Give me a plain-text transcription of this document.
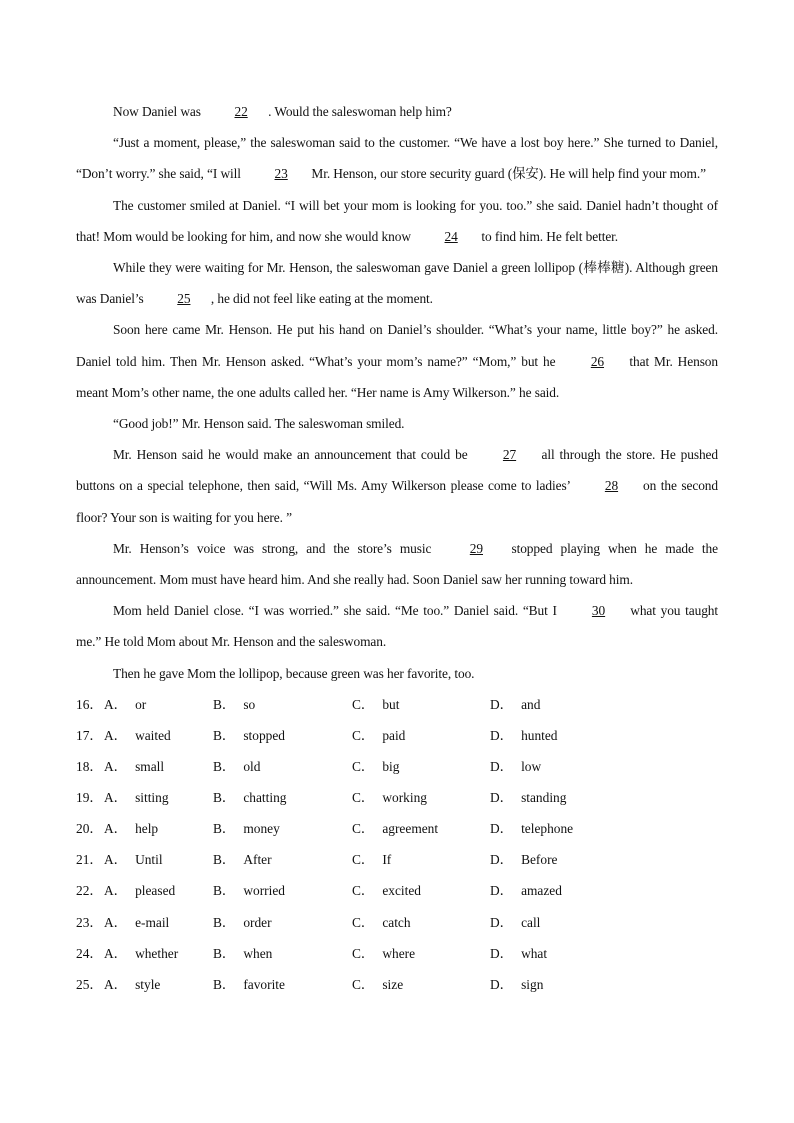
Now Daniel was 22 . Would the saleswoman help him?

“Just a moment, please,” the saleswoman said to the customer. “We have a lost boy here.” She turned to Daniel, “Don’t worry.” she said, “I will 23 Mr. Henson, our store security guard (保安). He will help find your mom.”

The customer smiled at Daniel. “I will bet your mom is looking for you. too.” she said. Daniel hadn’t thought of that! Mom would be looking for him, and now she would know 24 to find him. He felt better.

While they were waiting for Mr. Henson, the saleswoman gave Daniel a green lollipop (棒棒糖). Although green was Daniel’s 25 , he did not feel like eating at the moment.

Soon here came Mr. Henson. He put his hand on Daniel’s shoulder. “What’s your name, little boy?” he asked. Daniel told him. Then Mr. Henson asked. “What’s your mom’s name?” “Mom,” but he 26 that Mr. Henson meant Mom’s other name, the one adults called her. “Her name is Amy Wilkerson.” he said.

“Good job!” Mr. Henson said. The saleswoman smiled.

Mr. Henson said he would make an announcement that could be 27 all through the store. He pushed buttons on a special telephone, then said, “Will Ms. Amy Wilkerson please come to ladies’ 28 on the second floor? Your son is waiting for you here. ”

Mr. Henson’s voice was strong, and the store’s music 29 stopped playing when he made the announcement. Mom must have heard him. And she really had. Soon Daniel saw her running toward him.

Mom held Daniel close. “I was worried.” she said. “Me too.” Daniel said. “But I 30 what you taught me.” He told Mom about Mr. Henson and the saleswoman.

Then he gave Mom the lollipop, because green was her favorite, too.

16． A． or	B． so	C． but	D． and
17． A． waited	B． stopped	C． paid	D． hunted
18． A． small	B． old	C． big	D． low
19． A． sitting	B． chatting	C． working	D． standing
20． A． help	B． money	C． agreement	D． telephone
21． A． Until	B． After	C． If	D． Before
22． A． pleased	B． worried	C． excited	D． amazed
23． A． e-mail	B． order	C． catch	D． call
24． A． whether	B． when	C． where	D． what
25． A． style	B． favorite	C． size	D． sign
